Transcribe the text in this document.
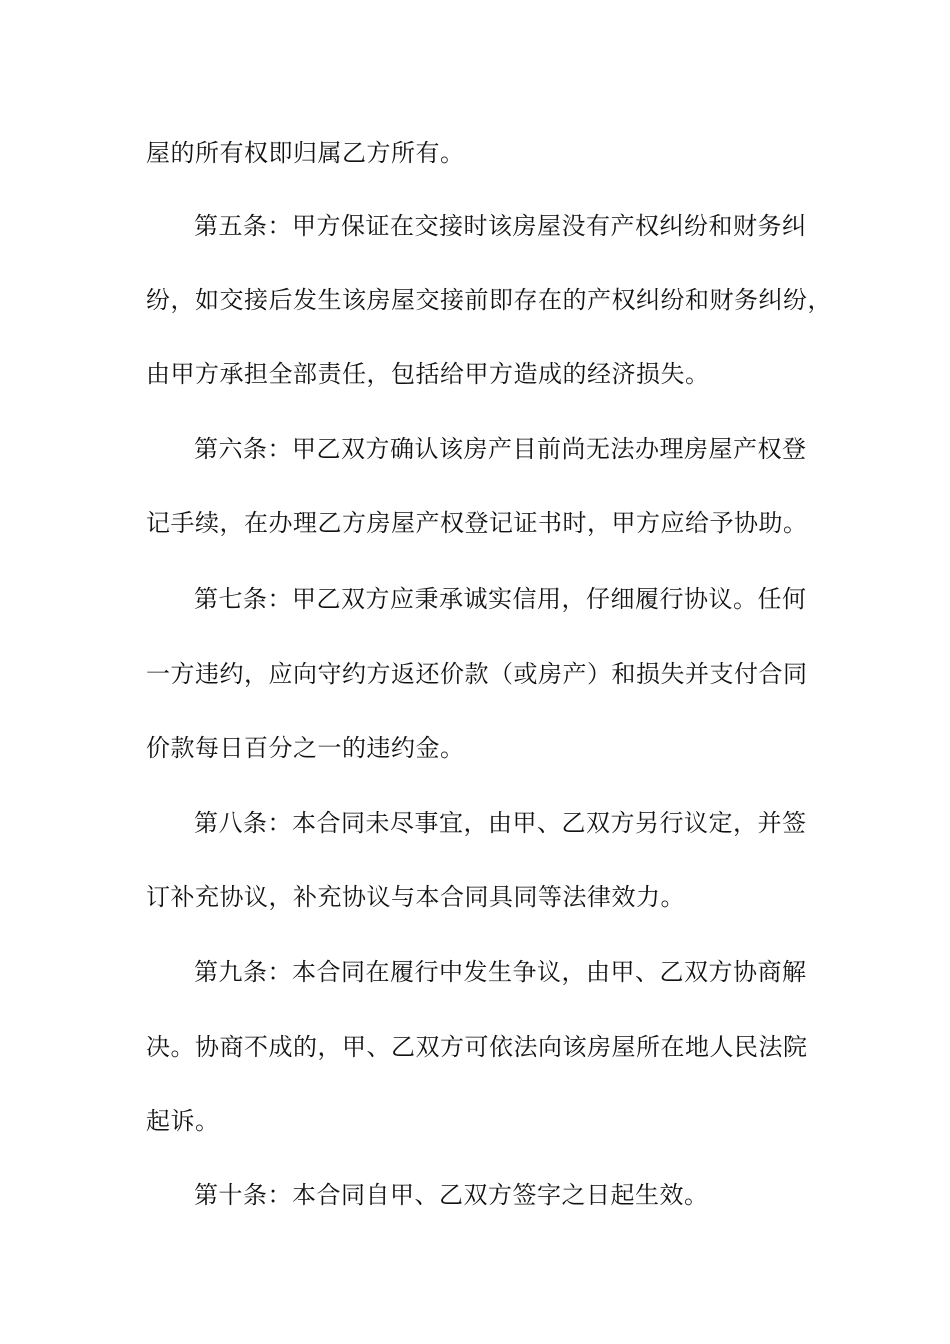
屋的所有权即归属乙方所有。
第五条：甲方保证在交接时该房屋没有产权纠纷和财务纠
纷，如交接后发生该房屋交接前即存在的产权纠纷和财务纠纷，
由甲方承担全部责任，包括给甲方造成的经济损失。
第六条：甲乙双方确认该房产目前尚无法办理房屋产权登
记手续，在办理乙方房屋产权登记证书时，甲方应给予协助。
第七条：甲乙双方应秉承诚实信用，仔细履行协议。任何
一方违约，应向守约方返还价款（或房产）和损失并支付合同
价款每日百分之一的违约金。
第八条：本合同未尽事宜，由甲、乙双方另行议定，并签
订补充协议，补充协议与本合同具同等法律效力。
第九条：本合同在履行中发生争议，由甲、乙双方协商解
决。协商不成的，甲、乙双方可依法向该房屋所在地人民法院
起诉。
第十条：本合同自甲、乙双方签字之日起生效。
